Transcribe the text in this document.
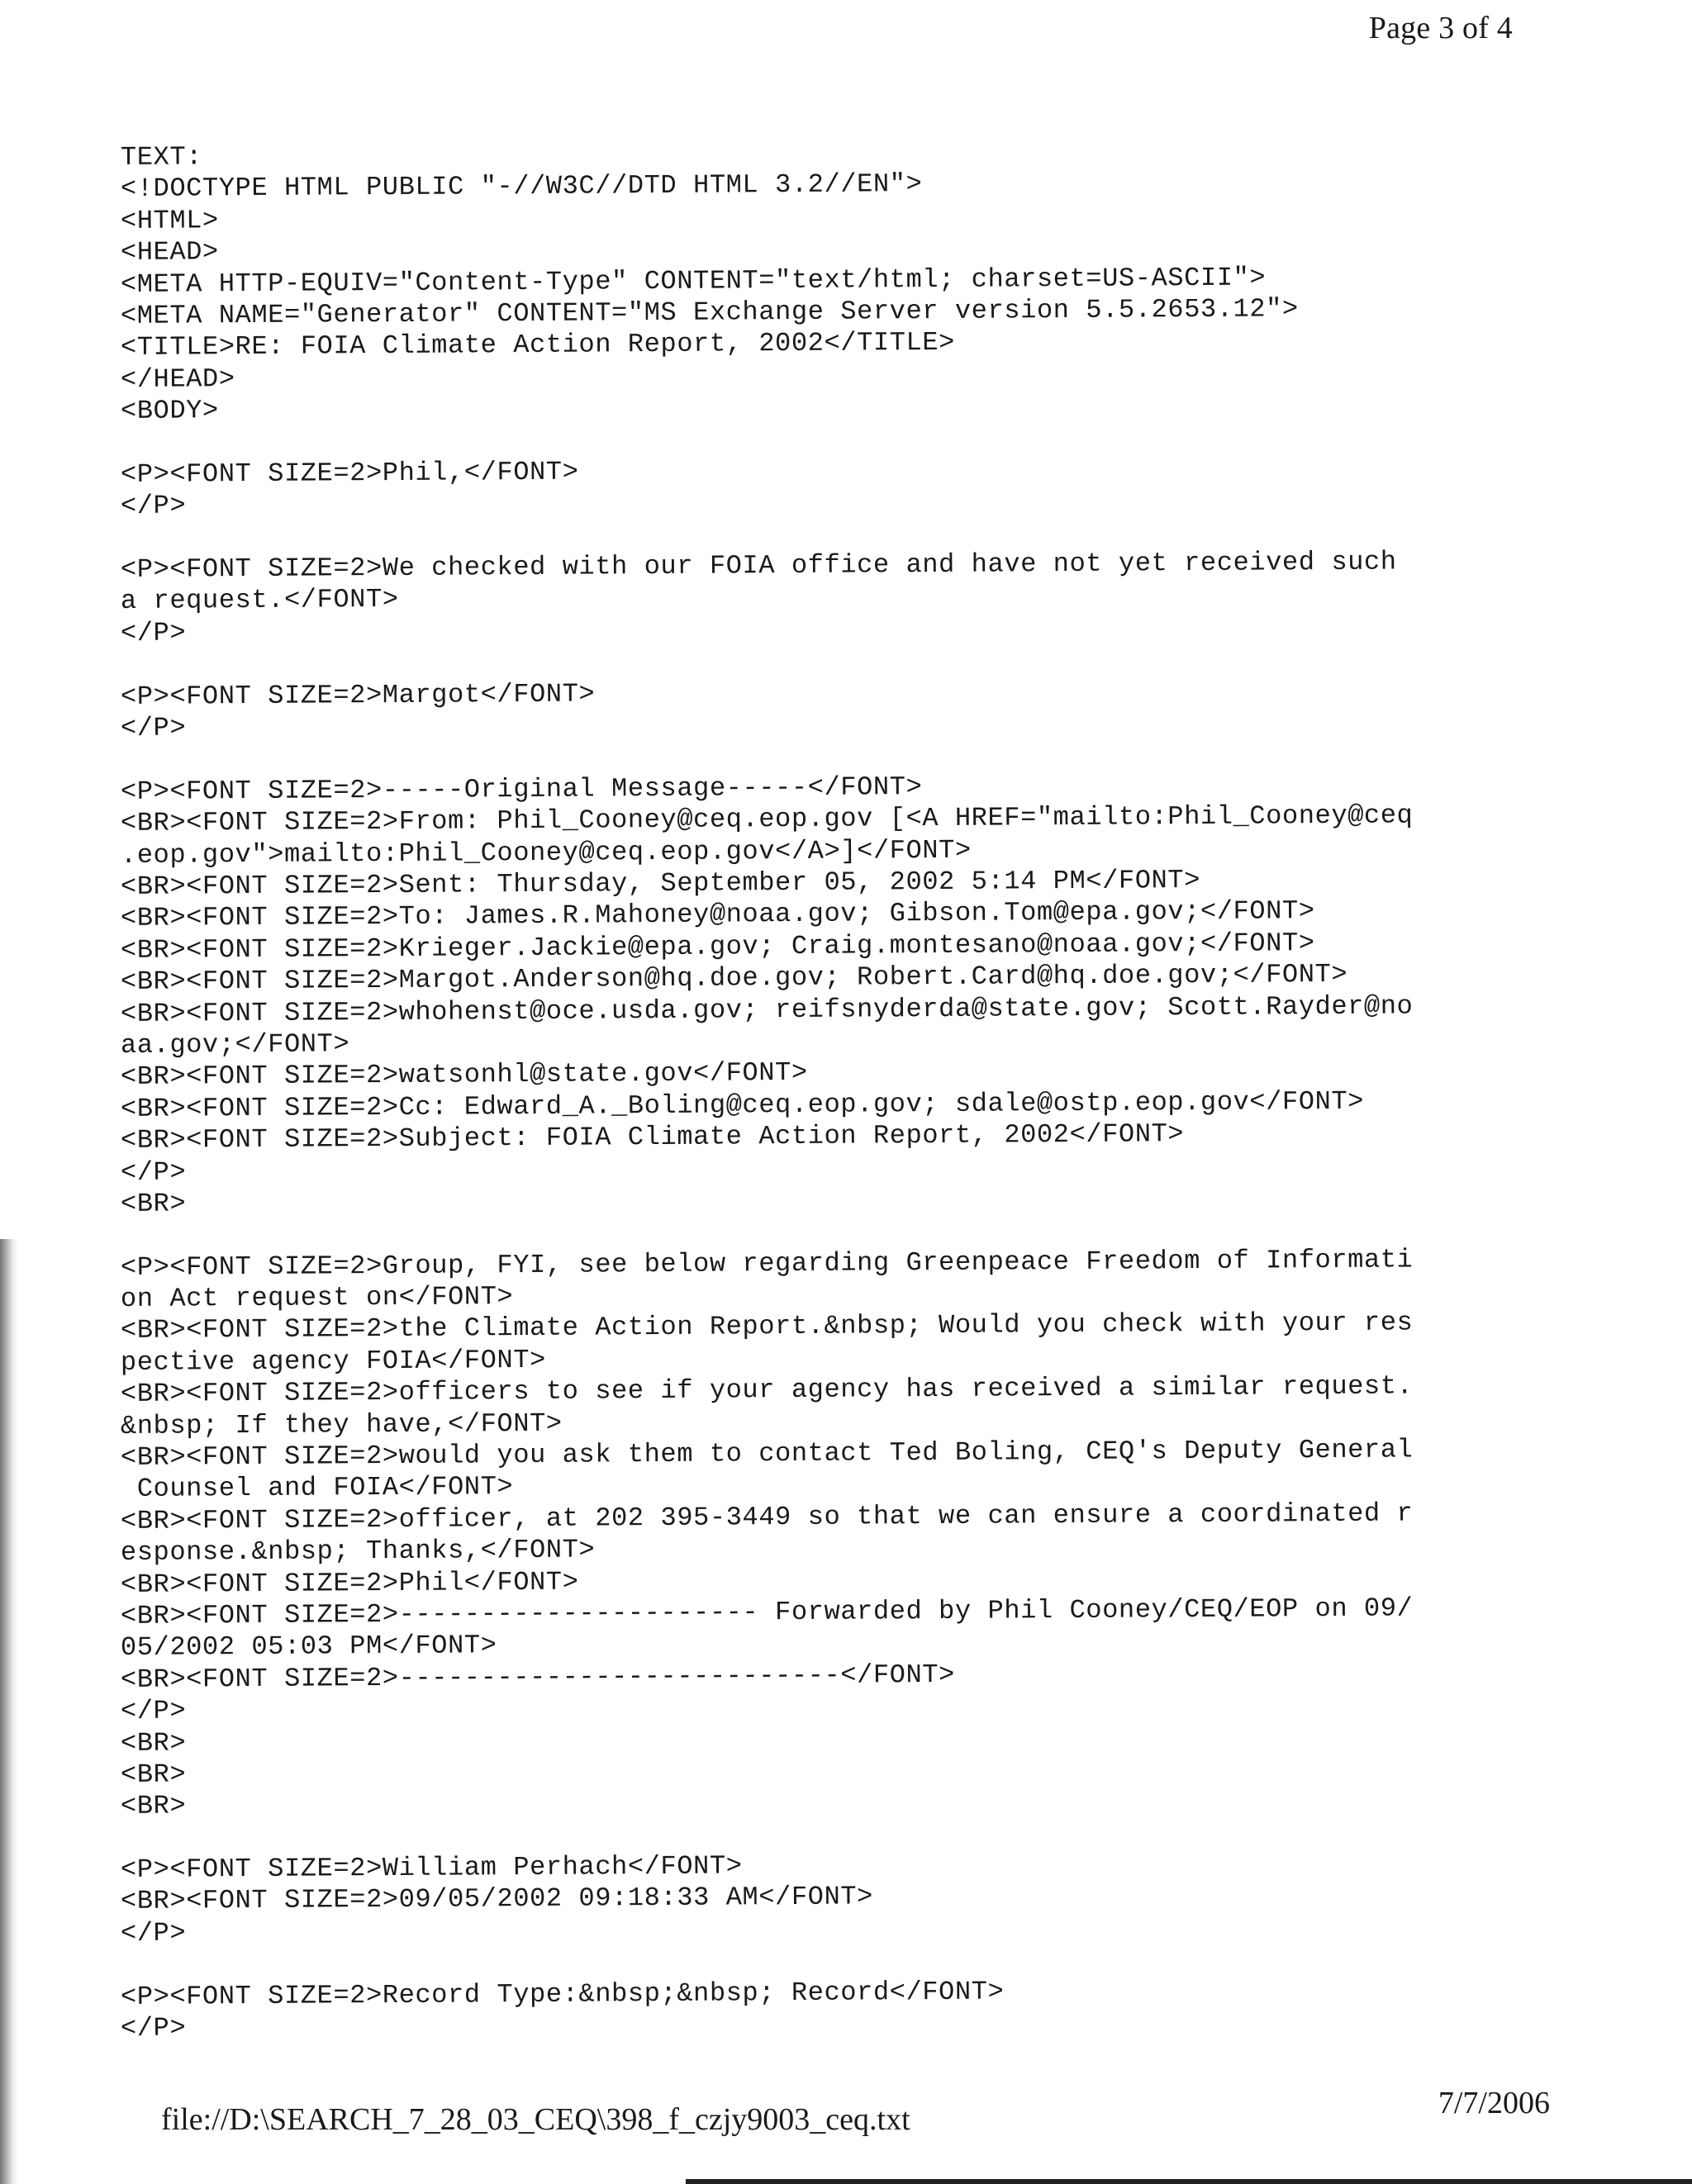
Page 3 of 4
TEXT:
<!DOCTYPE HTML PUBLIC "-//W3C//DTD HTML 3.2//EN">
<HTML>
<HEAD>
<META HTTP-EQUIV="Content-Type" CONTENT="text/html; charset=US-ASCII">
<META NAME="Generator" CONTENT="MS Exchange Server version 5.5.2653.12">
<TITLE>RE: FOIA Climate Action Report, 2002</TITLE>
</HEAD>
<BODY>
<P><FONT SIZE=2>Phil,</FONT>
</P>
<P><FONT SIZE=2>We checked with our FOIA office and have not yet received such
a request.</FONT>
</P>
<P><FONT SIZE=2>Margot</FONT>
</P>
<P><FONT SIZE=2>-----Original Message-----</FONT>
<BR><FONT SIZE=2>From: Phil_Cooney@ceq.eop.gov [<A HREF="mailto:Phil_Cooney@ceq
.eop.gov">mailto:Phil_Cooney@ceq.eop.gov</A>]</FONT>
<BR><FONT SIZE=2>Sent: Thursday, September 05, 2002 5:14 PM</FONT>
<BR><FONT SIZE=2>To: James.R.Mahoney@noaa.gov; Gibson.Tom@epa.gov;</FONT>
<BR><FONT SIZE=2>Krieger.Jackie@epa.gov; Craig.montesano@noaa.gov;</FONT>
<BR><FONT SIZE=2>Margot.Anderson@hq.doe.gov; Robert.Card@hq.doe.gov;</FONT>
<BR><FONT SIZE=2>whohenst@oce.usda.gov; reifsnyderda@state.gov; Scott.Rayder@no
aa.gov;</FONT>
<BR><FONT SIZE=2>watsonhl@state.gov</FONT>
<BR><FONT SIZE=2>Cc: Edward_A._Boling@ceq.eop.gov; sdale@ostp.eop.gov</FONT>
<BR><FONT SIZE=2>Subject: FOIA Climate Action Report, 2002</FONT>
</P>
<BR>
<P><FONT SIZE=2>Group, FYI, see below regarding Greenpeace Freedom of Informati
on Act request on</FONT>
<BR><FONT SIZE=2>the Climate Action Report.&nbsp; Would you check with your res
pective agency FOIA</FONT>
<BR><FONT SIZE=2>officers to see if your agency has received a similar request.
&nbsp; If they have,</FONT>
<BR><FONT SIZE=2>would you ask them to contact Ted Boling, CEQ's Deputy General
Counsel and FOIA</FONT>
<BR><FONT SIZE=2>officer, at 202 395-3449 so that we can ensure a coordinated r
esponse.&nbsp; Thanks,</FONT>
<BR><FONT SIZE=2>Phil</FONT>
<BR><FONT SIZE=2>---------------------- Forwarded by Phil Cooney/CEQ/EOP on 09/
05/2002 05:03 PM</FONT>
<BR><FONT SIZE=2>---------------------------</FONT>
</P>
<BR>
<BR>
<BR>
<P><FONT SIZE=2>William Perhach</FONT>
<BR><FONT SIZE=2>09/05/2002 09:18:33 AM</FONT>
</P>
<P><FONT SIZE=2>Record Type:&nbsp;&nbsp; Record</FONT>
</P>
file://D:\SEARCH_7_28_03_CEQ\398_f_czjy9003_ceq.txt	7/7/2006
